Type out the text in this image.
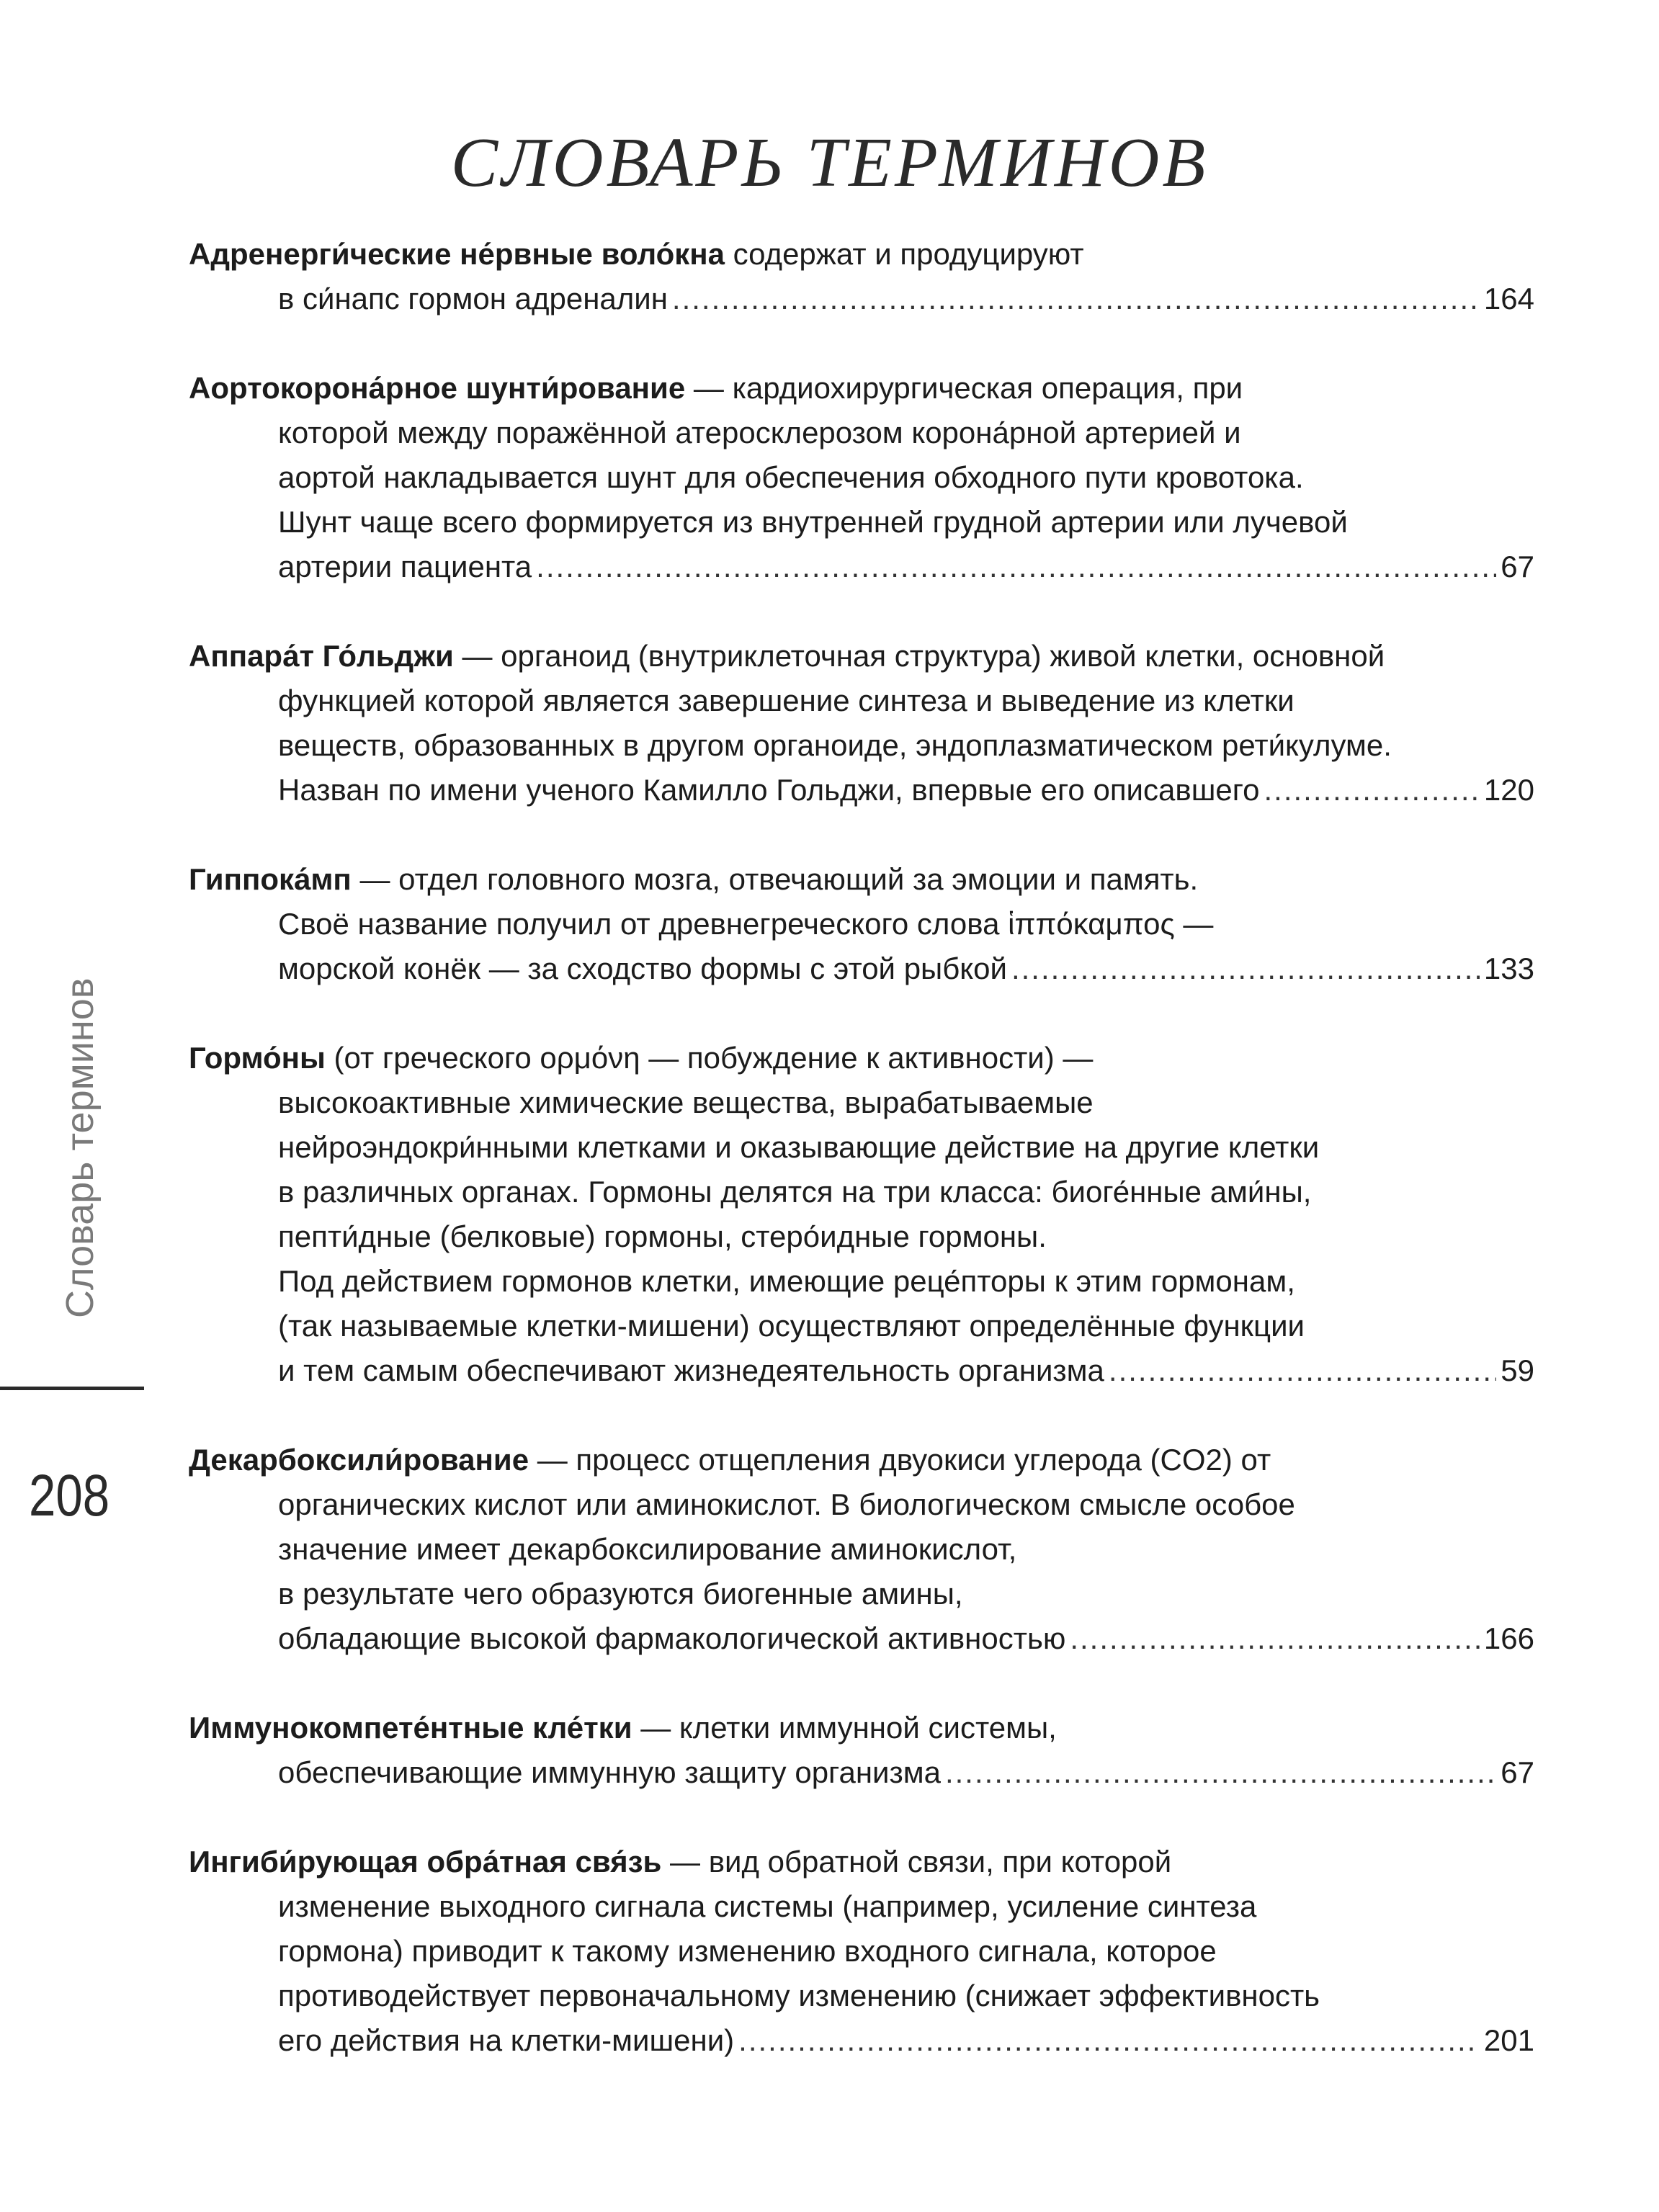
СЛОВАРЬ ТЕРМИНОВ
Словарь терминов
208
Адренерги́ческие не́рвные воло́кна содержат и продуцируют
в си́напс гормон адреналин .....	164
Аортокорона́рное шунти́рование — кардиохирургическая операция, при
которой между поражённой атеросклерозом корона́рной артерией и
аортой накладывается шунт для обеспечения обходного пути кровотока.
Шунт чаще всего формируется из внутренней грудной артерии или лучевой
артерии пациента .....	67
Аппара́т Го́льджи — органоид (внутриклеточная структура) живой клетки, основной
функцией которой является завершение синтеза и выведение из клетки
веществ, образованных в другом органоиде, эндоплазматическом рети́кулуме.
Назван по имени ученого Камилло Гольджи, впервые его описавшего .....	120
Гиппока́мп — отдел головного мозга, отвечающий за эмоции и память.
Своё название получил от древнегреческого слова ἱππόκαμπος —
морской конёк — за сходство формы с этой рыбкой .....	133
Гормо́ны (от греческого ορμόνη — побуждение к активности) —
высокоактивные химические вещества, вырабатываемые
нейроэндокри́нными клетками и оказывающие действие на другие клетки
в различных органах. Гормоны делятся на три класса: биоге́нные ами́ны,
пепти́дные (белковые) гормоны, стеро́идные гормоны.
Под действием гормонов клетки, имеющие реце́пторы к этим гормонам,
(так называемые клетки-мишени) осуществляют определённые функции
и тем самым обеспечивают жизнедеятельность организма .....	59
Декарбоксили́рование — процесс отщепления двуокиси углерода (CO2) от
органических кислот или аминокислот. В биологическом смысле особое
значение имеет декарбоксилирование аминокислот,
в результате чего образуются биогенные амины,
обладающие высокой фармакологической активностью .....	166
Иммунокомпете́нтные кле́тки — клетки иммунной системы,
обеспечивающие иммунную защиту организма .....	67
Ингиби́рующая обра́тная свя́зь — вид обратной связи, при которой
изменение выходного сигнала системы (например, усиление синтеза
гормона) приводит к такому изменению входного сигнала, которое
противодействует первоначальному изменению (снижает эффективность
его действия на клетки-мишени) .....	201
